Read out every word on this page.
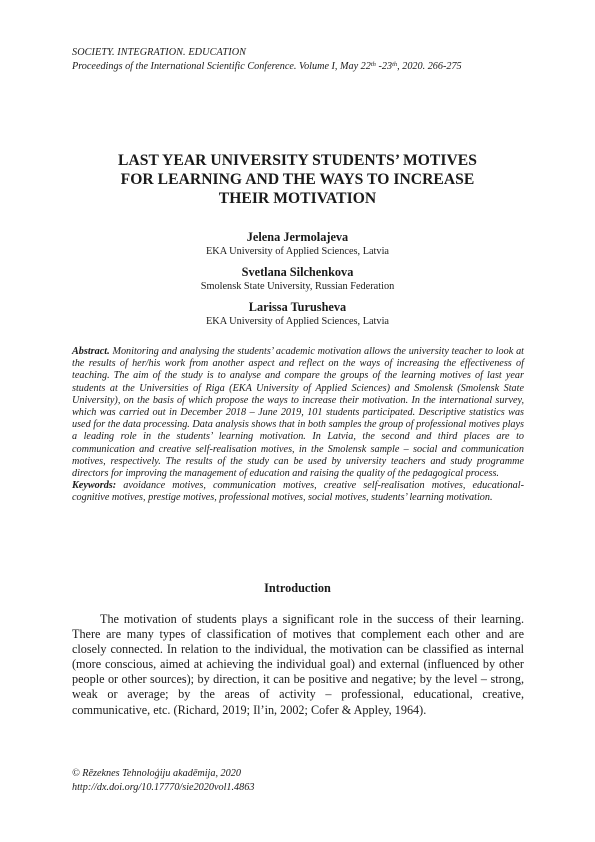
SOCIETY. INTEGRATION. EDUCATION
Proceedings of the International Scientific Conference. Volume I, May 22th -23th, 2020. 266-275
LAST YEAR UNIVERSITY STUDENTS’ MOTIVES
FOR LEARNING AND THE WAYS TO INCREASE
THEIR MOTIVATION
Jelena Jermolajeva
EKA University of Applied Sciences, Latvia
Svetlana Silchenkova
Smolensk State University, Russian Federation
Larissa Turusheva
EKA University of Applied Sciences, Latvia
Abstract. Monitoring and analysing the students’ academic motivation allows the university teacher to look at the results of her/his work from another aspect and reflect on the ways of increasing the effectiveness of teaching. The aim of the study is to analyse and compare the groups of the learning motives of last year students at the Universities of Riga (EKA University of Applied Sciences) and Smolensk (Smolensk State University), on the basis of which propose the ways to increase their motivation. In the international survey, which was carried out in December 2018 – June 2019, 101 students participated. Descriptive statistics was used for the data processing. Data analysis shows that in both samples the group of professional motives plays a leading role in the students’ learning motivation. In Latvia, the second and third places are to communication and creative self-realisation motives, in the Smolensk sample – social and communication motives, respectively. The results of the study can be used by university teachers and study programme directors for improving the management of education and raising the quality of the pedagogical process.
Keywords: avoidance motives, communication motives, creative self-realisation motives, educational-cognitive motives, prestige motives, professional motives, social motives, students’ learning motivation.
Introduction
The motivation of students plays a significant role in the success of their learning. There are many types of classification of motives that complement each other and are closely connected. In relation to the individual, the motivation can be classified as internal (more conscious, aimed at achieving the individual goal) and external (influenced by other people or other sources); by direction, it can be positive and negative; by the level – strong, weak or average; by the areas of activity – professional, educational, creative, communicative, etc. (Richard, 2019; Il’in, 2002; Cofer & Appley, 1964).
© Rēzeknes Tehnoloģiju akadēmija, 2020
http://dx.doi.org/10.17770/sie2020vol1.4863
